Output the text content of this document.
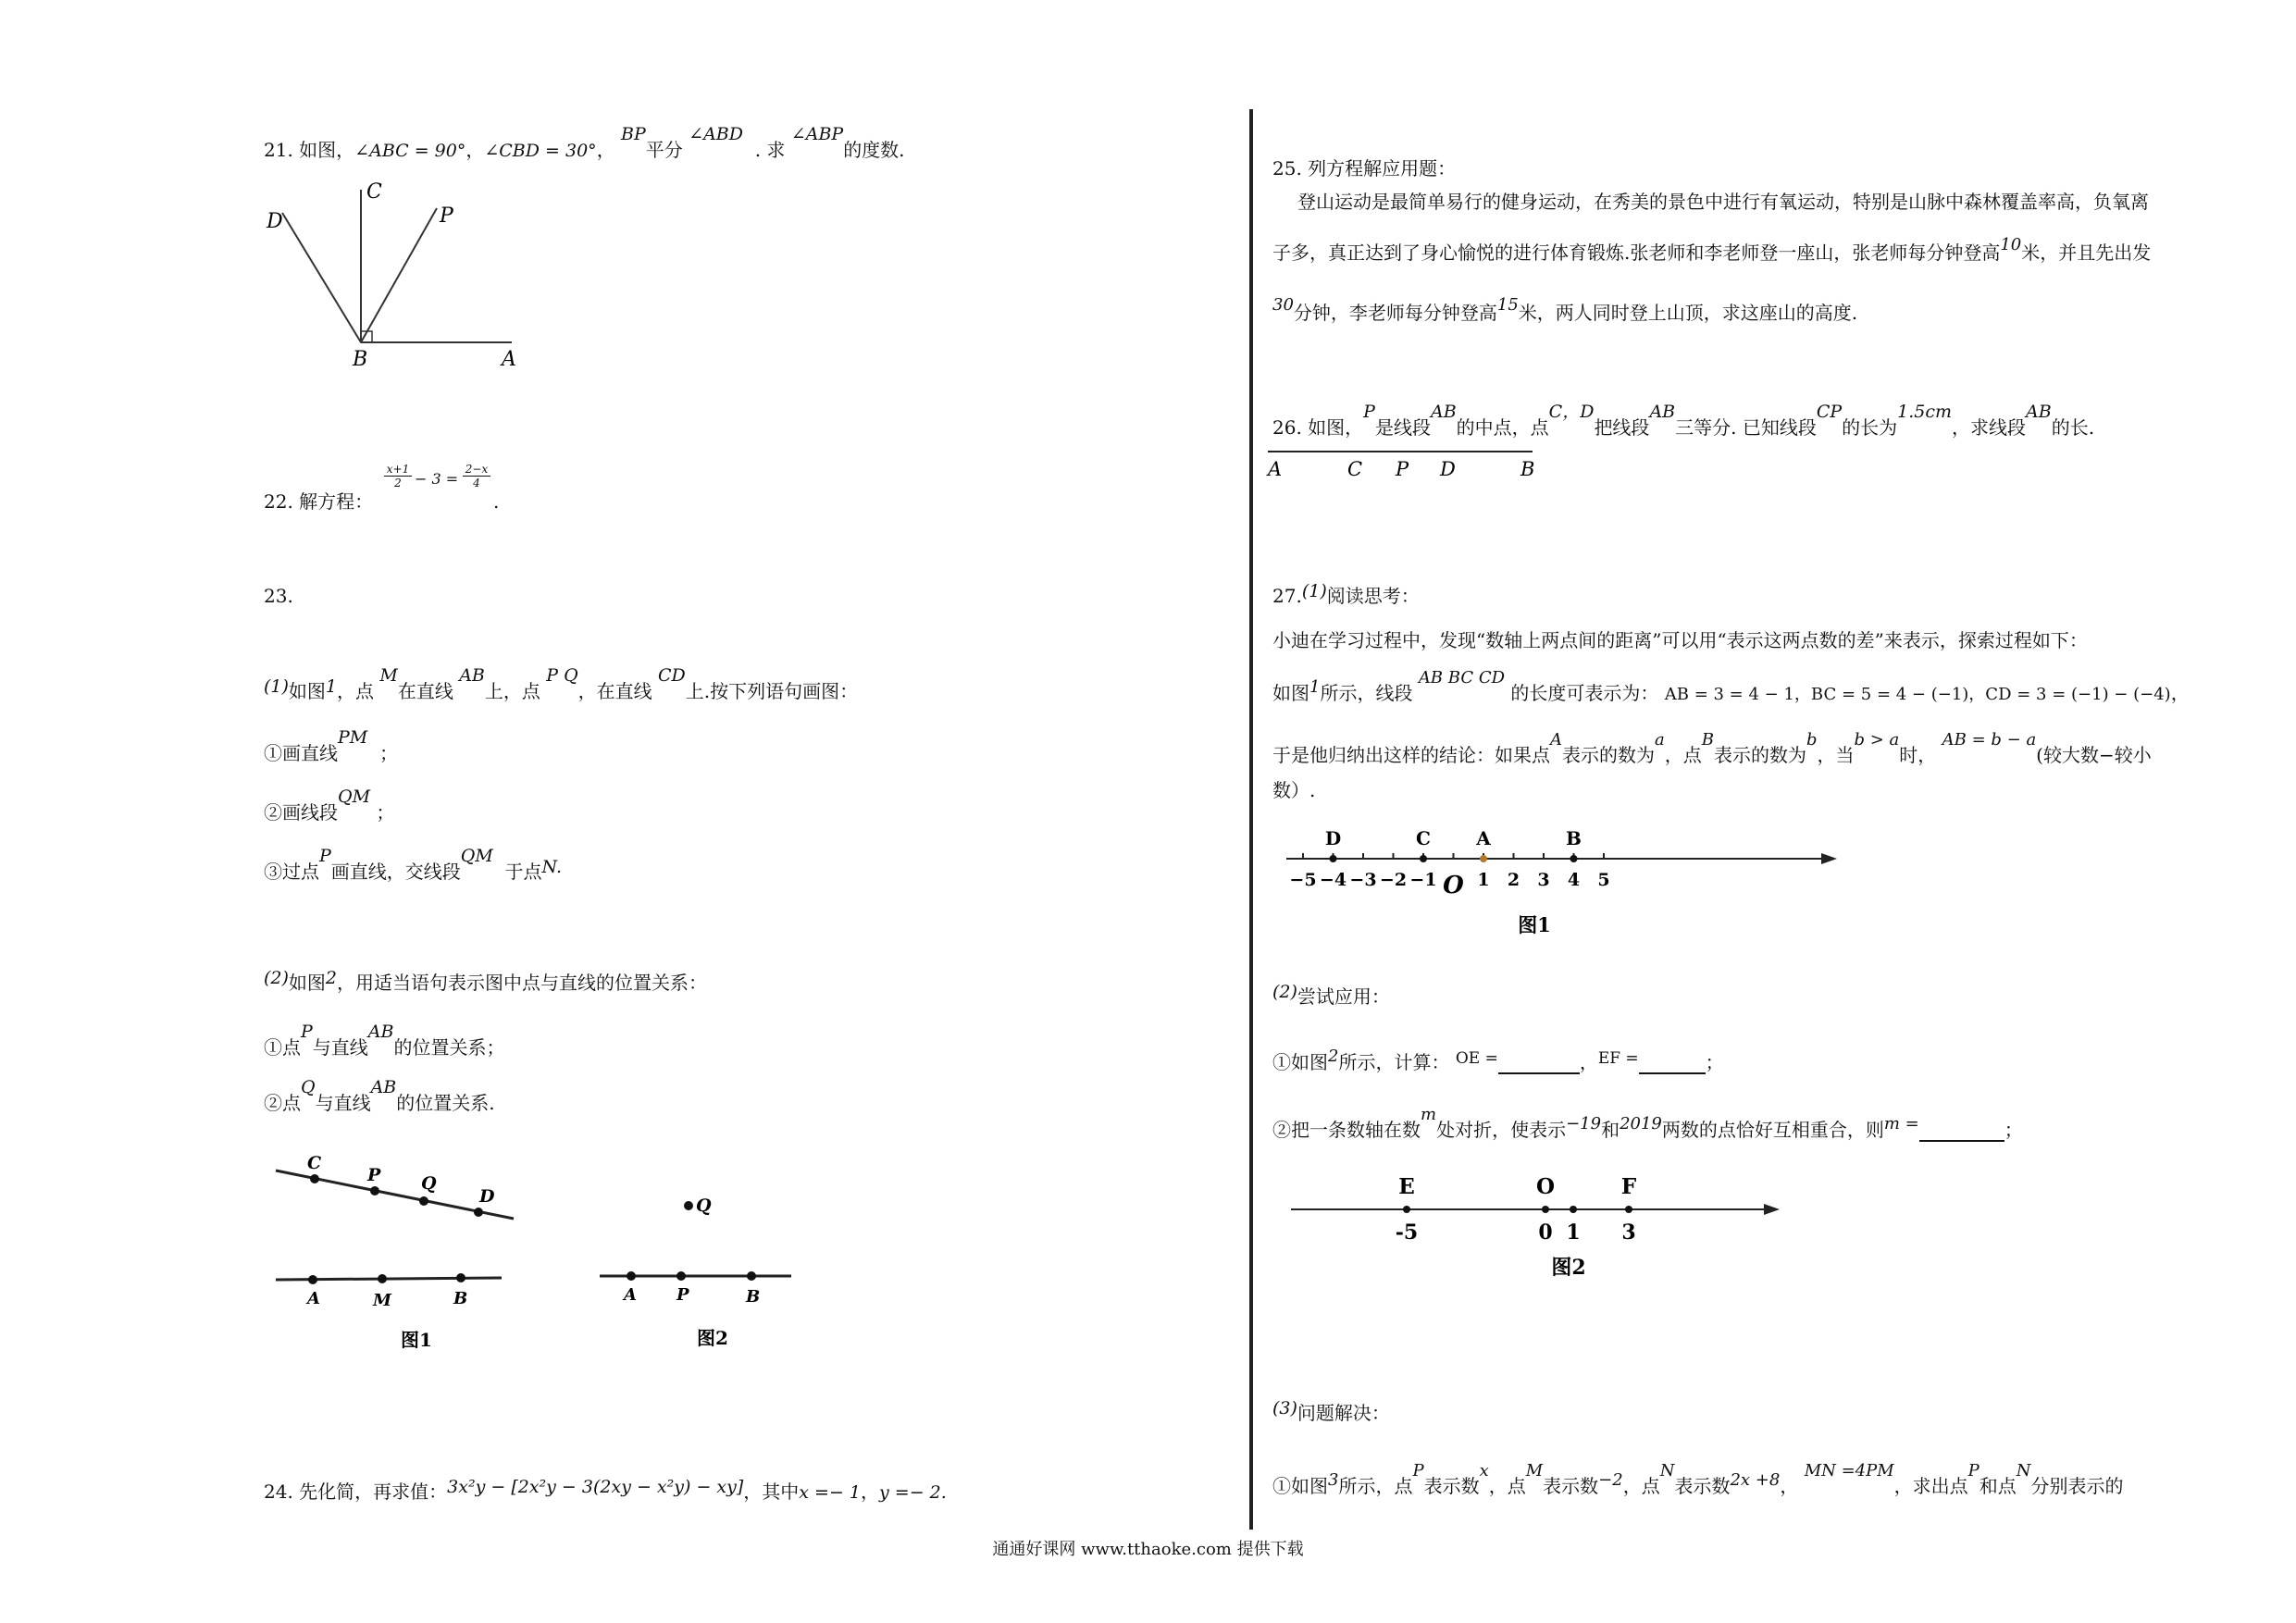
21. 如图，∠ABC = 90°，∠CBD = 30°， BP平分 ∠ABD  . 求 ∠ABP的度数.
C
D	P
B	A
22. 解方程：
$\frac{x+1}{2} - 3 = \frac{2-x}{4}$
.
23.
(1)如图1，点 M在直线 AB上，点 P Q，在直线 CD上.按下列语句画图：
①画直线PM  ；
②画线段QM ；
③过点P画直线，交线段QM  于点N.
(2)如图2，用适当语句表示图中点与直线的位置关系：
①点P与直线AB的位置关系；
②点Q与直线AB的位置关系.
C
P Q
D
A	M	B
图1
Q
A P	B
图2
24. 先化简，再求值：3x²y − [2x²y − 3(2xy − x²y) − xy]，其中x =− 1，y =− 2.
25. 列方程解应用题：
登山运动是最简单易行的健身运动，在秀美的景色中进行有氧运动，特别是山脉中森林覆盖率高，负氧离
子多，真正达到了身心愉悦的进行体育锻炼.张老师和李老师登一座山，张老师每分钟登高10米，并且先出发
30分钟，李老师每分钟登高15米，两人同时登上山顶，求这座山的高度.
26. 如图，P是线段AB的中点，点C，D把线段AB三等分. 已知线段CP的长为1.5cm，求线段AB的长.
A	C P D	B
27.(1)阅读思考：
小迪在学习过程中，发现“数轴上两点间的距离”可以用“表示这两点数的差”来表示，探索过程如下：
如图1所示，线段 AB BC CD 的长度可表示为： AB = 3 = 4 − 1，BC = 5 = 4 − (−1)，CD = 3 = (−1) − (−4)，
于是他归纳出这样的结论：如果点A表示的数为a，点B表示的数为b，当b > a时， AB = b − a(较大数−较小
数）.
−5 −4 −3 −2 −1 O 1 2 3 4 5
D	C A	B
图1
(2)尝试应用：
①如图2所示，计算： $^{OE =}$	，$^{EF =}$	；
②把一条数轴在数m处对折，使表示−19和2019两数的点恰好互相重合，则m =	；
-5	0 1 3
E	O	F
图2
(3)问题解决：
①如图3所示，点P表示数x，点M表示数−2，点N表示数2x +8， MN =4PM，求出点P和点N分别表示的
通通好课网 www.tthaoke.com 提供下载
